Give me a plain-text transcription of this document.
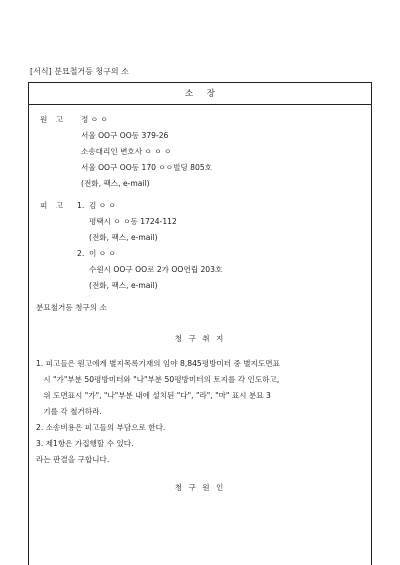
[서식] 분묘철거등 청구의 소
소     장
원 고 정 ㅇ ㅇ
서울 OO구 OO동 379-26
소송대리인 변호사 ㅇ ㅇ ㅇ
서울 OO구 OO동 170 ㅇㅇ빌딩 805호
(전화, 팩스, e-mail)
피 고 1. 김 ㅇ ㅇ
평택시 ㅇ ㅇ동 1724-112
(전화, 팩스, e-mail)
2. 이 ㅇ ㅇ
수원시 OO구 OO로 2가 OO연립 203호
(전화, 팩스, e-mail)
분묘철거등 청구의 소
청 구 취 지
1. 피고들은 원고에게 별지목록기재의 임야 8,845평방미터 중 별지도면표
시 "가"부분 50평방미터와 "나"부분 50평방미터의 토지를 각 인도하고,
위 도면표시 "가", "나"부분 내에 설치된 "다", "라", "마" 표시 분묘 3
기를 각 철거하라.
2. 소송비용은 피고들의 부담으로 한다.
3. 제1항은 가집행할 수 있다.
라는 판결을 구합니다.
청 구 원 인
